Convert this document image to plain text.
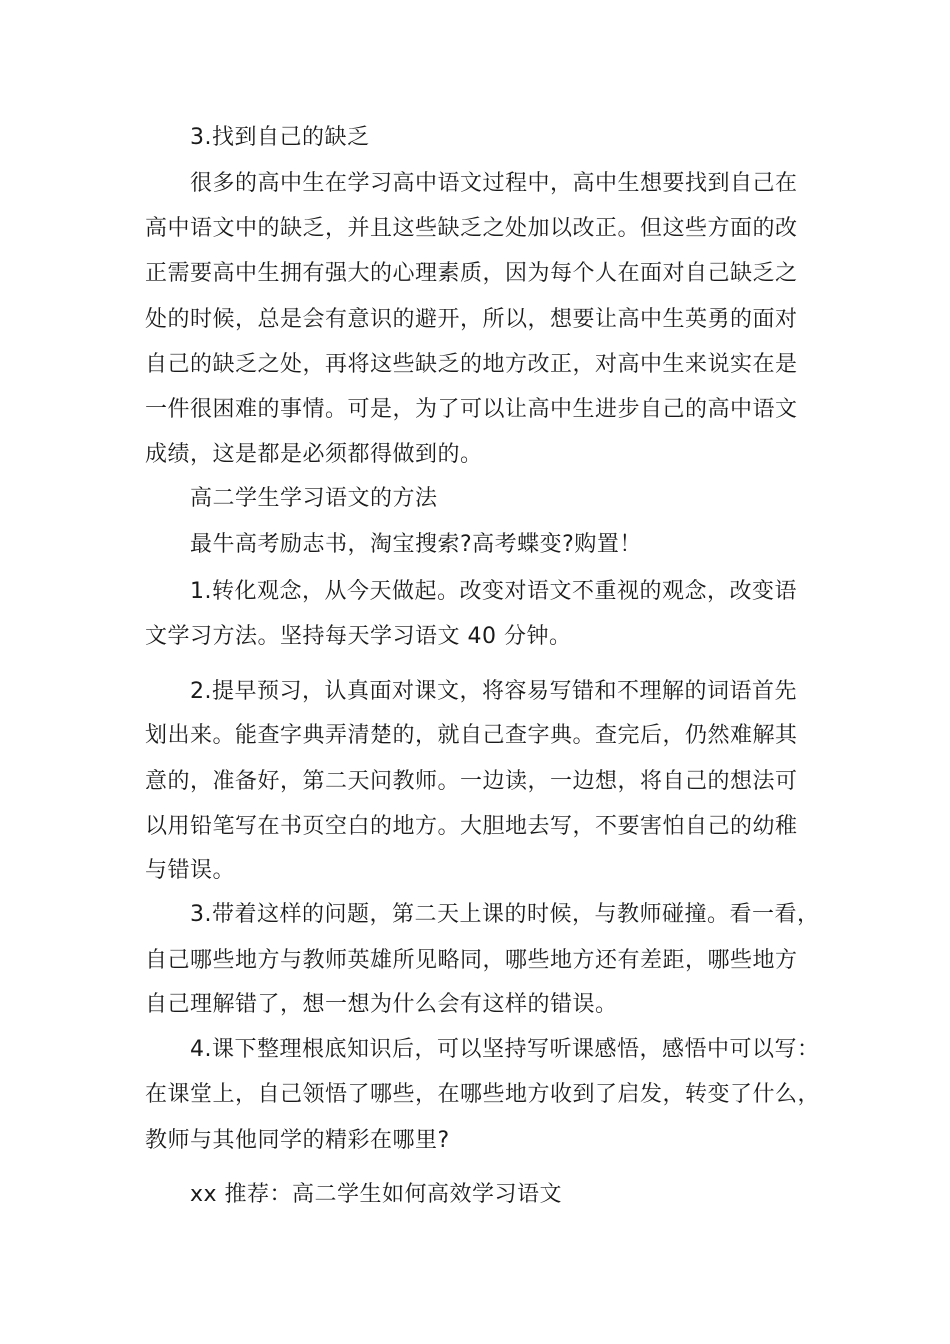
3.找到自己的缺乏
很多的高中生在学习高中语文过程中，高中生想要找到自己在
高中语文中的缺乏，并且这些缺乏之处加以改正。但这些方面的改
正需要高中生拥有强大的心理素质，因为每个人在面对自己缺乏之
处的时候，总是会有意识的避开，所以，想要让高中生英勇的面对
自己的缺乏之处，再将这些缺乏的地方改正，对高中生来说实在是
一件很困难的事情。可是，为了可以让高中生进步自己的高中语文
成绩，这是都是必须都得做到的。
高二学生学习语文的方法
最牛高考励志书，淘宝搜索?高考蝶变?购置！
1.转化观念，从今天做起。改变对语文不重视的观念，改变语
文学习方法。坚持每天学习语文 40 分钟。
2.提早预习，认真面对课文，将容易写错和不理解的词语首先
划出来。能查字典弄清楚的，就自己查字典。查完后，仍然难解其
意的，准备好，第二天问教师。一边读，一边想，将自己的想法可
以用铅笔写在书页空白的地方。大胆地去写，不要害怕自己的幼稚
与错误。
3.带着这样的问题，第二天上课的时候，与教师碰撞。看一看，
自己哪些地方与教师英雄所见略同，哪些地方还有差距，哪些地方
自己理解错了，想一想为什么会有这样的错误。
4.课下整理根底知识后，可以坚持写听课感悟，感悟中可以写：
在课堂上，自己领悟了哪些，在哪些地方收到了启发，转变了什么，
教师与其他同学的精彩在哪里?
xx 推荐：高二学生如何高效学习语文
